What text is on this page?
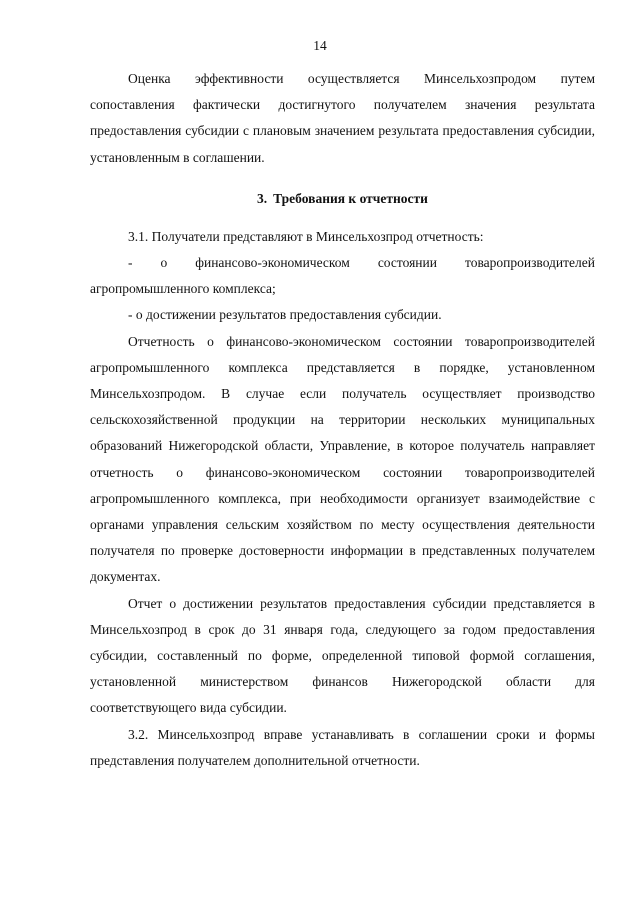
14

Оценка эффективности осуществляется Минсельхозпродом путем сопоставления фактически достигнутого получателем значения результата предоставления субсидии с плановым значением результата предоставления субсидии, установленным в соглашении.

3. Требования к отчетности

3.1. Получатели представляют в Минсельхозпрод отчетность:

- о финансово-экономическом состоянии товаропроизводителей агропромышленного комплекса;

- о достижении результатов предоставления субсидии.

Отчетность о финансово-экономическом состоянии товаропроизводителей агропромышленного комплекса представляется в порядке, установленном Минсельхозпродом. В случае если получатель осуществляет производство сельскохозяйственной продукции на территории нескольких муниципальных образований Нижегородской области, Управление, в которое получатель направляет отчетность о финансово-экономическом состоянии товаропроизводителей агропромышленного комплекса, при необходимости организует взаимодействие с органами управления сельским хозяйством по месту осуществления деятельности получателя по проверке достоверности информации в представленных получателем документах.

Отчет о достижении результатов предоставления субсидии представляется в Минсельхозпрод в срок до 31 января года, следующего за годом предоставления субсидии, составленный по форме, определенной типовой формой соглашения, установленной министерством финансов Нижегородской области для соответствующего вида субсидии.

3.2. Минсельхозпрод вправе устанавливать в соглашении сроки и формы представления получателем дополнительной отчетности.
